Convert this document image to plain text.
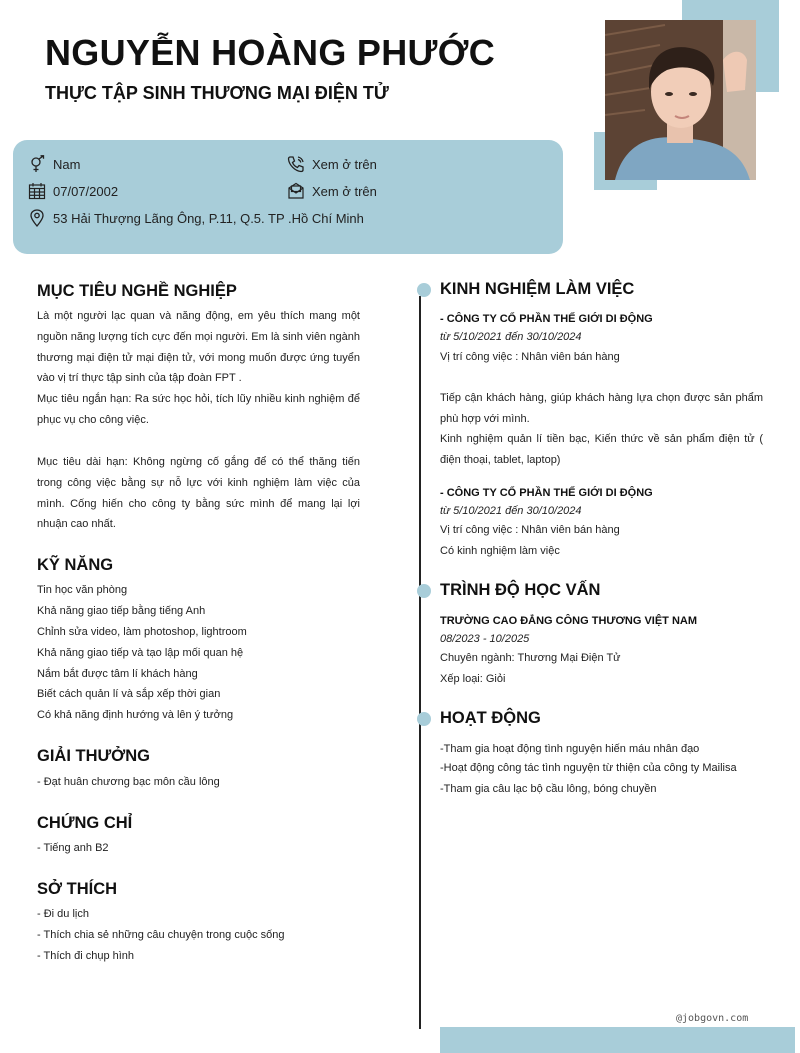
NGUYỄN HOÀNG PHƯỚC
THỰC TẬP SINH THƯƠNG MẠI ĐIỆN TỬ
Nam	Xem ở trên
07/07/2002	Xem ở trên
53 Hải Thượng Lãng Ông, P.11, Q.5. TP .Hồ Chí Minh
MỤC TIÊU NGHỀ NGHIỆP
Là một người lạc quan và năng động, em yêu thích mang một nguồn năng lượng tích cực đến mọi người. Em là sinh viên ngành thương mại điện tử mại điện tử, với mong muốn được ứng tuyển vào vị trí thực tập sinh của tập đoàn FPT .
Mục tiêu ngắn hạn: Ra sức học hỏi, tích lũy nhiều kinh nghiệm để phục vụ cho công việc.
Mục tiêu dài hạn: Không ngừng cố gắng để có thể thăng tiến trong công việc bằng sự nỗ lực với kinh nghiệm làm việc của mình. Cống hiến cho công ty bằng sức mình để mang lại lợi nhuận cao nhất.
KỸ NĂNG
Tin học văn phòng
Khả năng giao tiếp bằng tiếng Anh
Chỉnh sửa video, làm photoshop, lightroom
Khả năng giao tiếp và tạo lập mối quan hệ
Nắm bắt được tâm lí khách hàng
Biết cách quản lí và sắp xếp thời gian
Có khả năng định hướng và lên ý tưởng
GIẢI THƯỞNG
- Đạt huân chương bạc môn cầu lông
CHỨNG CHỈ
- Tiếng anh B2
SỞ THÍCH
- Đi du lịch
- Thích chia sẻ những câu chuyện trong cuộc sống
- Thích đi chụp hình
KINH NGHIỆM LÀM VIỆC
- CÔNG TY CỔ PHẦN THẾ GIỚI DI ĐỘNG
từ 5/10/2021 đến 30/10/2024
Vị trí công việc : Nhân viên bán hàng
Tiếp cận khách hàng, giúp khách hàng lựa chọn được sản phẩm phù hợp với mình.
Kinh nghiệm quản lí tiền bạc, Kiến thức về sản phẩm điện tử ( điện thoại, tablet, laptop)
- CÔNG TY CỔ PHẦN THẾ GIỚI DI ĐỘNG
từ 5/10/2021 đến 30/10/2024
Vị trí công việc : Nhân viên bán hàng
Có kinh nghiệm làm việc
TRÌNH ĐỘ HỌC VẤN
TRƯỜNG CAO ĐẲNG CÔNG THƯƠNG VIỆT NAM
08/2023 - 10/2025
Chuyên ngành: Thương Mại Điện Tử
Xếp loại: Giỏi
HOẠT ĐỘNG
-Tham gia hoạt động tình nguyện hiến máu nhân đạo
-Hoạt động công tác tình nguyện từ thiện của công ty Mailisa
-Tham gia câu lạc bộ cầu lông, bóng chuyền
@jobgovn.com
